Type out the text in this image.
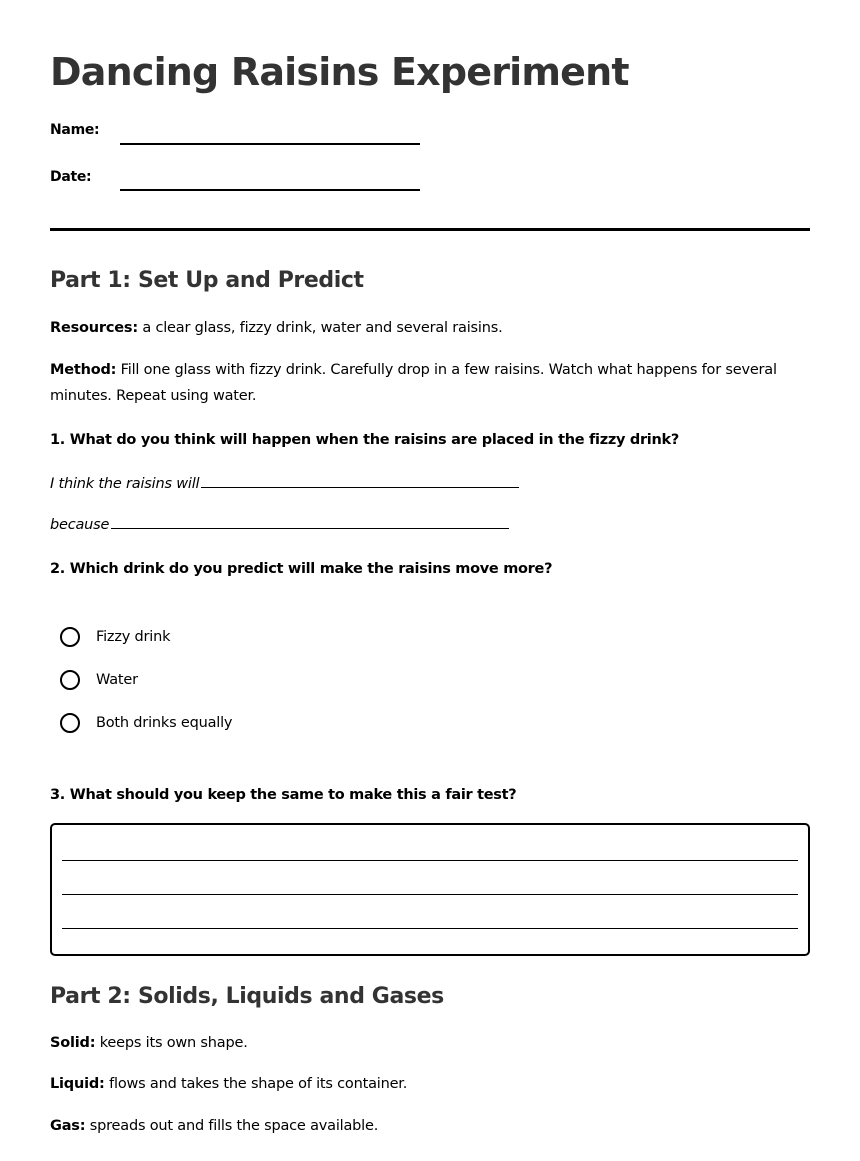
Dancing Raisins Experiment
Name:
Date:
Part 1: Set Up and Predict
Resources: a clear glass, fizzy drink, water and several raisins.
Method: Fill one glass with fizzy drink. Carefully drop in a few raisins. Watch what happens for several minutes. Repeat using water.
1. What do you think will happen when the raisins are placed in the fizzy drink?
I think the raisins will
because
2. Which drink do you predict will make the raisins move more?
Fizzy drink
Water
Both drinks equally
3. What should you keep the same to make this a fair test?
Part 2: Solids, Liquids and Gases
Solid: keeps its own shape.
Liquid: flows and takes the shape of its container.
Gas: spreads out and fills the space available.
